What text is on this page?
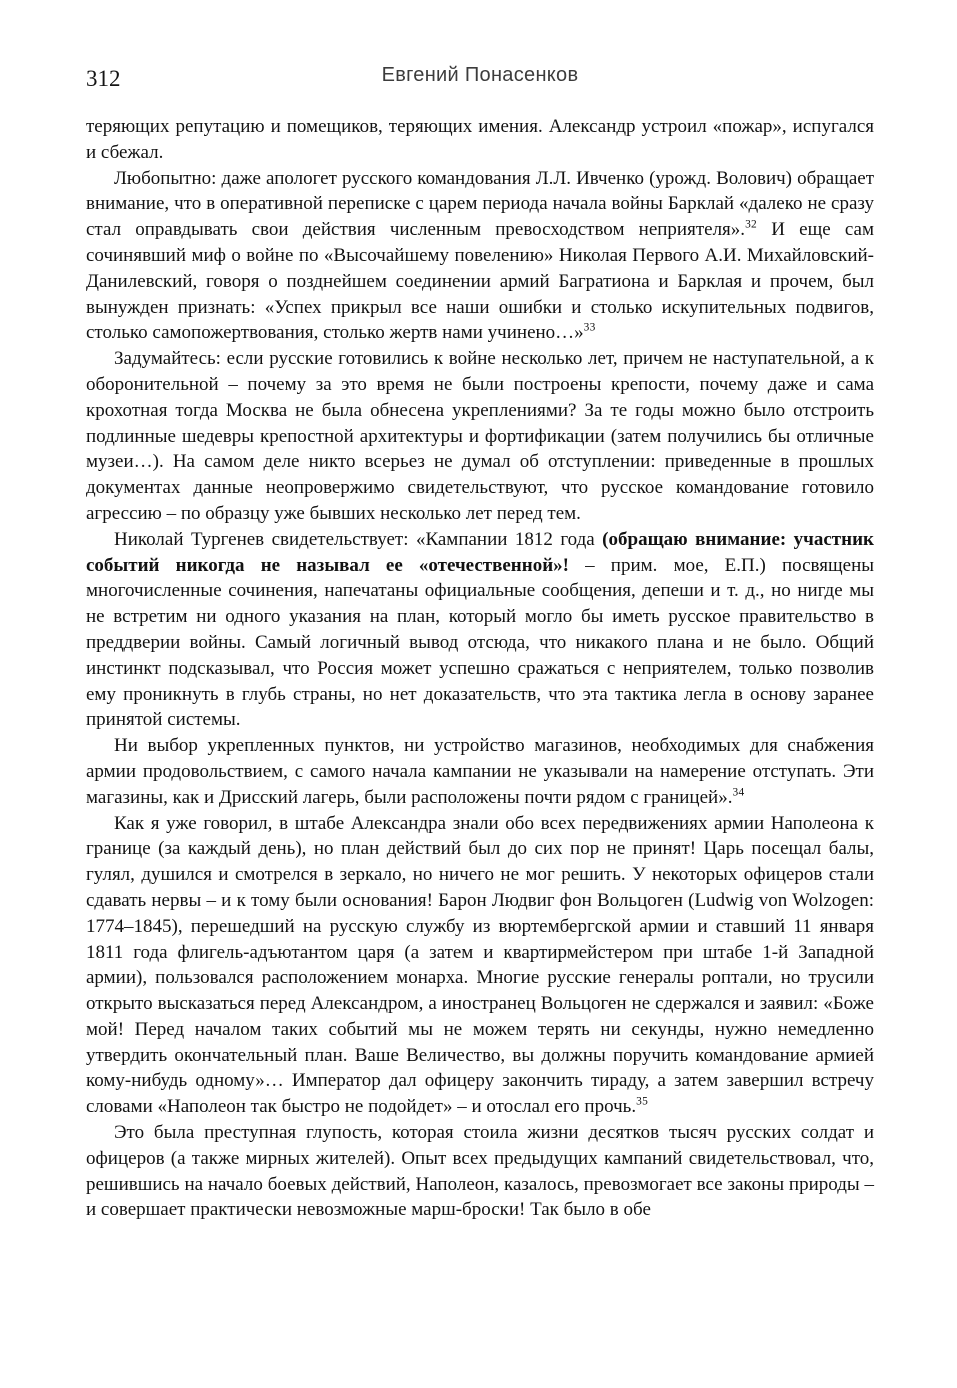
312	Евгений Понасенков

теряющих репутацию и помещиков, теряющих имения. Александр устроил «пожар», испугался и сбежал.

Любопытно: даже апологет русского командования Л.Л. Ивченко (урожд. Волович) обращает внимание, что в оперативной переписке с царем периода начала войны Барклай «далеко не сразу стал оправдывать свои действия численным превосходством неприятеля».$^{32}$ И еще сам сочинявший миф о войне по «Высочайшему повелению» Николая Первого А.И. Михайловский-Данилевский, говоря о позднейшем соединении армий Багратиона и Барклая и прочем, был вынужден признать: «Успех прикрыл все наши ошибки и столько искупительных подвигов, столько самопожертвования, столько жертв нами учинено…»$^{33}$

Задумайтесь: если русские готовились к войне несколько лет, причем не наступательной, а к оборонительной – почему за это время не были построены крепости, почему даже и сама крохотная тогда Москва не была обнесена укреплениями? За те годы можно было отстроить подлинные шедевры крепостной архитектуры и фортификации (затем получились бы отличные музеи…). На самом деле никто всерьез не думал об отступлении: приведенные в прошлых документах данные неопровержимо свидетельствуют, что русское командование готовило агрессию – по образцу уже бывших несколько лет перед тем.

Николай Тургенев свидетельствует: «Кампании 1812 года (обращаю внимание: участник событий никогда не называл ее «отечественной»! – прим. мое, Е.П.) посвящены многочисленные сочинения, напечатаны официальные сообщения, депеши и т. д., но нигде мы не встретим ни одного указания на план, который могло бы иметь русское правительство в преддверии войны. Самый логичный вывод отсюда, что никакого плана и не было. Общий инстинкт подсказывал, что Россия может успешно сражаться с неприятелем, только позволив ему проникнуть в глубь страны, но нет доказательств, что эта тактика легла в основу заранее принятой системы.

Ни выбор укрепленных пунктов, ни устройство магазинов, необходимых для снабжения армии продовольствием, с самого начала кампании не указывали на намерение отступать. Эти магазины, как и Дрисский лагерь, были расположены почти рядом с границей».$^{34}$

Как я уже говорил, в штабе Александра знали обо всех передвижениях армии Наполеона к границе (за каждый день), но план действий был до сих пор не принят! Царь посещал балы, гулял, душился и смотрелся в зеркало, но ничего не мог решить. У некоторых офицеров стали сдавать нервы – и к тому были основания! Барон Людвиг фон Вольцоген (Ludwig von Wolzogen: 1774–1845), перешедший на русскую службу из вюртембергской армии и ставший 11 января 1811 года флигель-адъютантом царя (а затем и квартирмейстером при штабе 1-й Западной армии), пользовался расположением монарха. Многие русские генералы роптали, но трусили открыто высказаться перед Александром, а иностранец Вольцоген не сдержался и заявил: «Боже мой! Перед началом таких событий мы не можем терять ни секунды, нужно немедленно утвердить окончательный план. Ваше Величество, вы должны поручить командование армией кому-нибудь одному»… Император дал офицеру закончить тираду, а затем завершил встречу словами «Наполеон так быстро не подойдет» – и отослал его прочь.$^{35}$

Это была преступная глупость, которая стоила жизни десятков тысяч русских солдат и офицеров (а также мирных жителей). Опыт всех предыдущих кампаний свидетельствовал, что, решившись на начало боевых действий, Наполеон, казалось, превозмогает все законы природы – и совершает практически невозможные марш-броски! Так было в обе
